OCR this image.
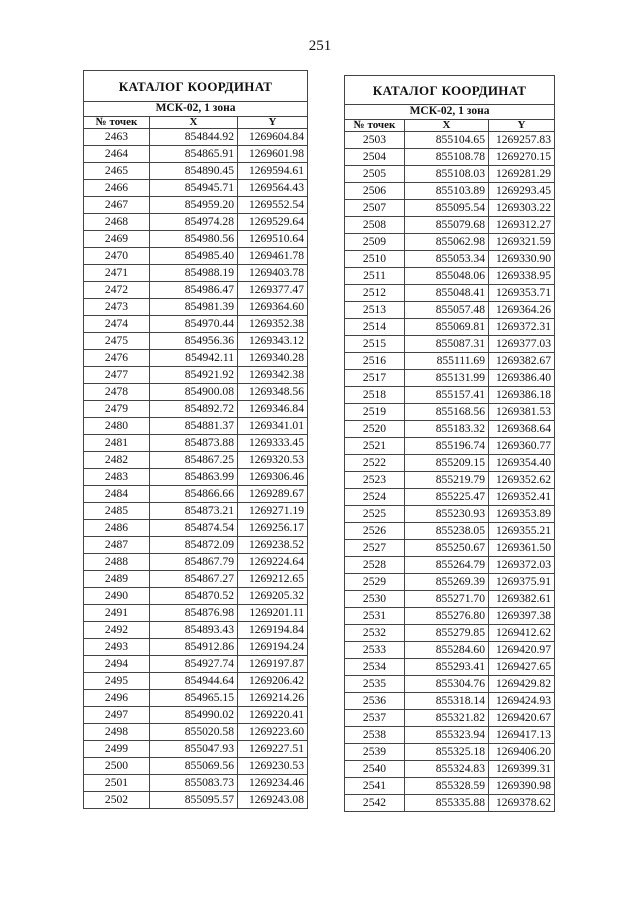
251
КАТАЛОГ КООРДИНАТ		
МСК-02, 1 зона		
№ точек	X	Y
2463	854844.92	1269604.84
2464	854865.91	1269601.98
2465	854890.45	1269594.61
2466	854945.71	1269564.43
2467	854959.20	1269552.54
2468	854974.28	1269529.64
2469	854980.56	1269510.64
2470	854985.40	1269461.78
2471	854988.19	1269403.78
2472	854986.47	1269377.47
2473	854981.39	1269364.60
2474	854970.44	1269352.38
2475	854956.36	1269343.12
2476	854942.11	1269340.28
2477	854921.92	1269342.38
2478	854900.08	1269348.56
2479	854892.72	1269346.84
2480	854881.37	1269341.01
2481	854873.88	1269333.45
2482	854867.25	1269320.53
2483	854863.99	1269306.46
2484	854866.66	1269289.67
2485	854873.21	1269271.19
2486	854874.54	1269256.17
2487	854872.09	1269238.52
2488	854867.79	1269224.64
2489	854867.27	1269212.65
2490	854870.52	1269205.32
2491	854876.98	1269201.11
2492	854893.43	1269194.84
2493	854912.86	1269194.24
2494	854927.74	1269197.87
2495	854944.64	1269206.42
2496	854965.15	1269214.26
2497	854990.02	1269220.41
2498	855020.58	1269223.60
2499	855047.93	1269227.51
2500	855069.56	1269230.53
2501	855083.73	1269234.46
2502	855095.57	1269243.08
КАТАЛОГ КООРДИНАТ		
МСК-02, 1 зона		
№ точек	X	Y
2503	855104.65	1269257.83
2504	855108.78	1269270.15
2505	855108.03	1269281.29
2506	855103.89	1269293.45
2507	855095.54	1269303.22
2508	855079.68	1269312.27
2509	855062.98	1269321.59
2510	855053.34	1269330.90
2511	855048.06	1269338.95
2512	855048.41	1269353.71
2513	855057.48	1269364.26
2514	855069.81	1269372.31
2515	855087.31	1269377.03
2516	855111.69	1269382.67
2517	855131.99	1269386.40
2518	855157.41	1269386.18
2519	855168.56	1269381.53
2520	855183.32	1269368.64
2521	855196.74	1269360.77
2522	855209.15	1269354.40
2523	855219.79	1269352.62
2524	855225.47	1269352.41
2525	855230.93	1269353.89
2526	855238.05	1269355.21
2527	855250.67	1269361.50
2528	855264.79	1269372.03
2529	855269.39	1269375.91
2530	855271.70	1269382.61
2531	855276.80	1269397.38
2532	855279.85	1269412.62
2533	855284.60	1269420.97
2534	855293.41	1269427.65
2535	855304.76	1269429.82
2536	855318.14	1269424.93
2537	855321.82	1269420.67
2538	855323.94	1269417.13
2539	855325.18	1269406.20
2540	855324.83	1269399.31
2541	855328.59	1269390.98
2542	855335.88	1269378.62
